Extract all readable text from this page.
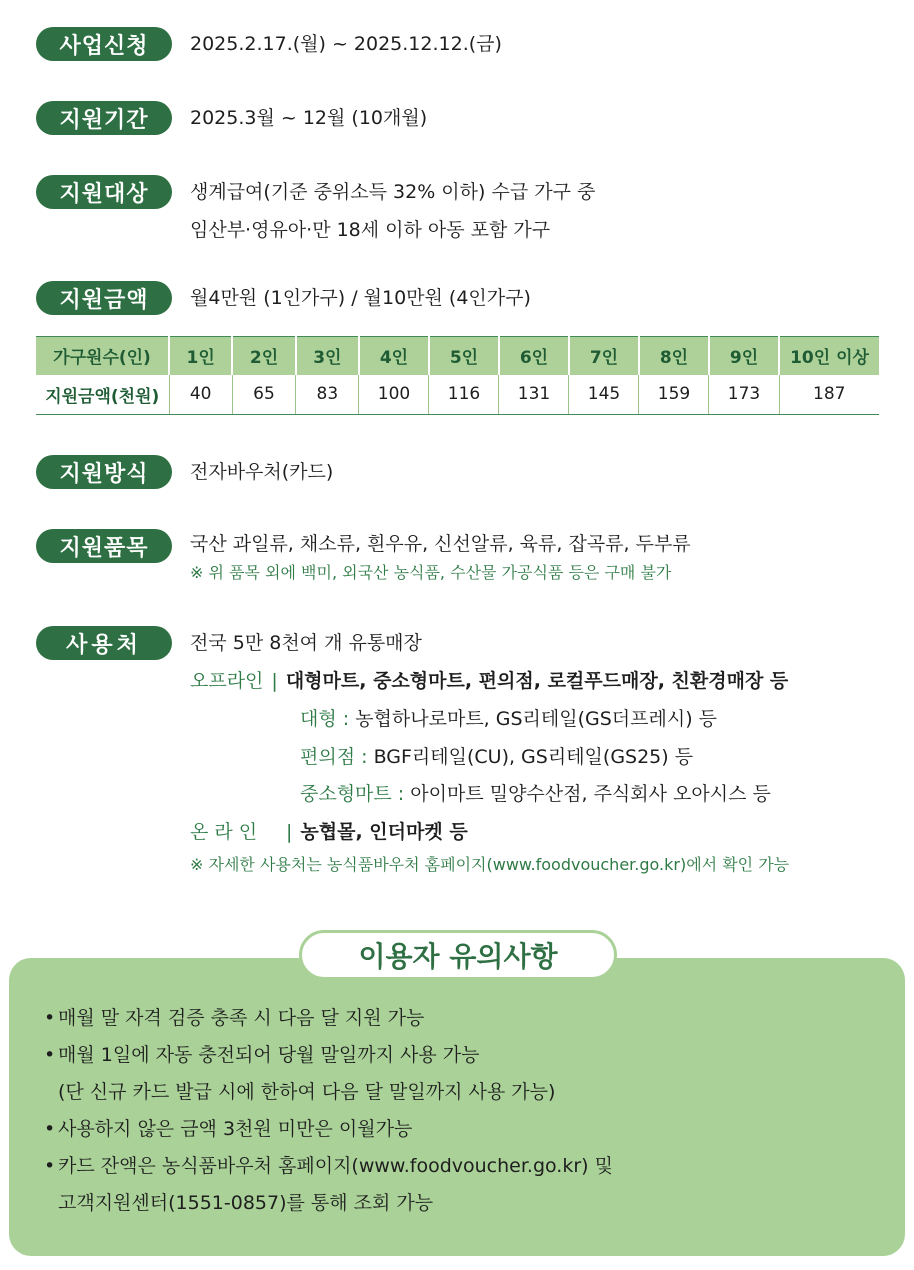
사업신청	2025.2.17.(월) ~ 2025.12.12.(금)
지원기간	2025.3월 ~ 12월 (10개월)
지원대상	생계급여(기준 중위소득 32% 이하) 수급 가구 중
임산부·영유아·만 18세 이하 아동 포함 가구
지원금액	월4만원 (1인가구) / 월10만원 (4인가구)
가구원수(인)	1인	2인	3인	4인	5인	6인	7인	8인	9인	10인 이상
지원금액(천원)	40	65	83	100	116	131	145	159	173	187
지원방식	전자바우처(카드)
지원품목	국산 과일류, 채소류, 흰우유, 신선알류, 육류, 잡곡류, 두부류
※ 위 품목 외에 백미, 외국산 농식품, 수산물 가공식품 등은 구매 불가
사용처	전국 5만 8천여 개 유통매장
오프라인 | 대형마트, 중소형마트, 편의점, 로컬푸드매장, 친환경매장 등
대형 : 농협하나로마트, GS리테일(GS더프레시) 등
편의점 : BGF리테일(CU), GS리테일(GS25) 등
중소형마트 : 아이마트 밀양수산점, 주식회사 오아시스 등
온 라 인 | 농협몰, 인더마켓 등
※ 자세한 사용처는 농식품바우처 홈페이지(www.foodvoucher.go.kr)에서 확인 가능
이용자 유의사항
• 매월 말 자격 검증 충족 시 다음 달 지원 가능
• 매월 1일에 자동 충전되어 당월 말일까지 사용 가능
(단 신규 카드 발급 시에 한하여 다음 달 말일까지 사용 가능)
• 사용하지 않은 금액 3천원 미만은 이월가능
• 카드 잔액은 농식품바우처 홈페이지(www.foodvoucher.go.kr) 및
고객지원센터(1551-0857)를 통해 조회 가능
